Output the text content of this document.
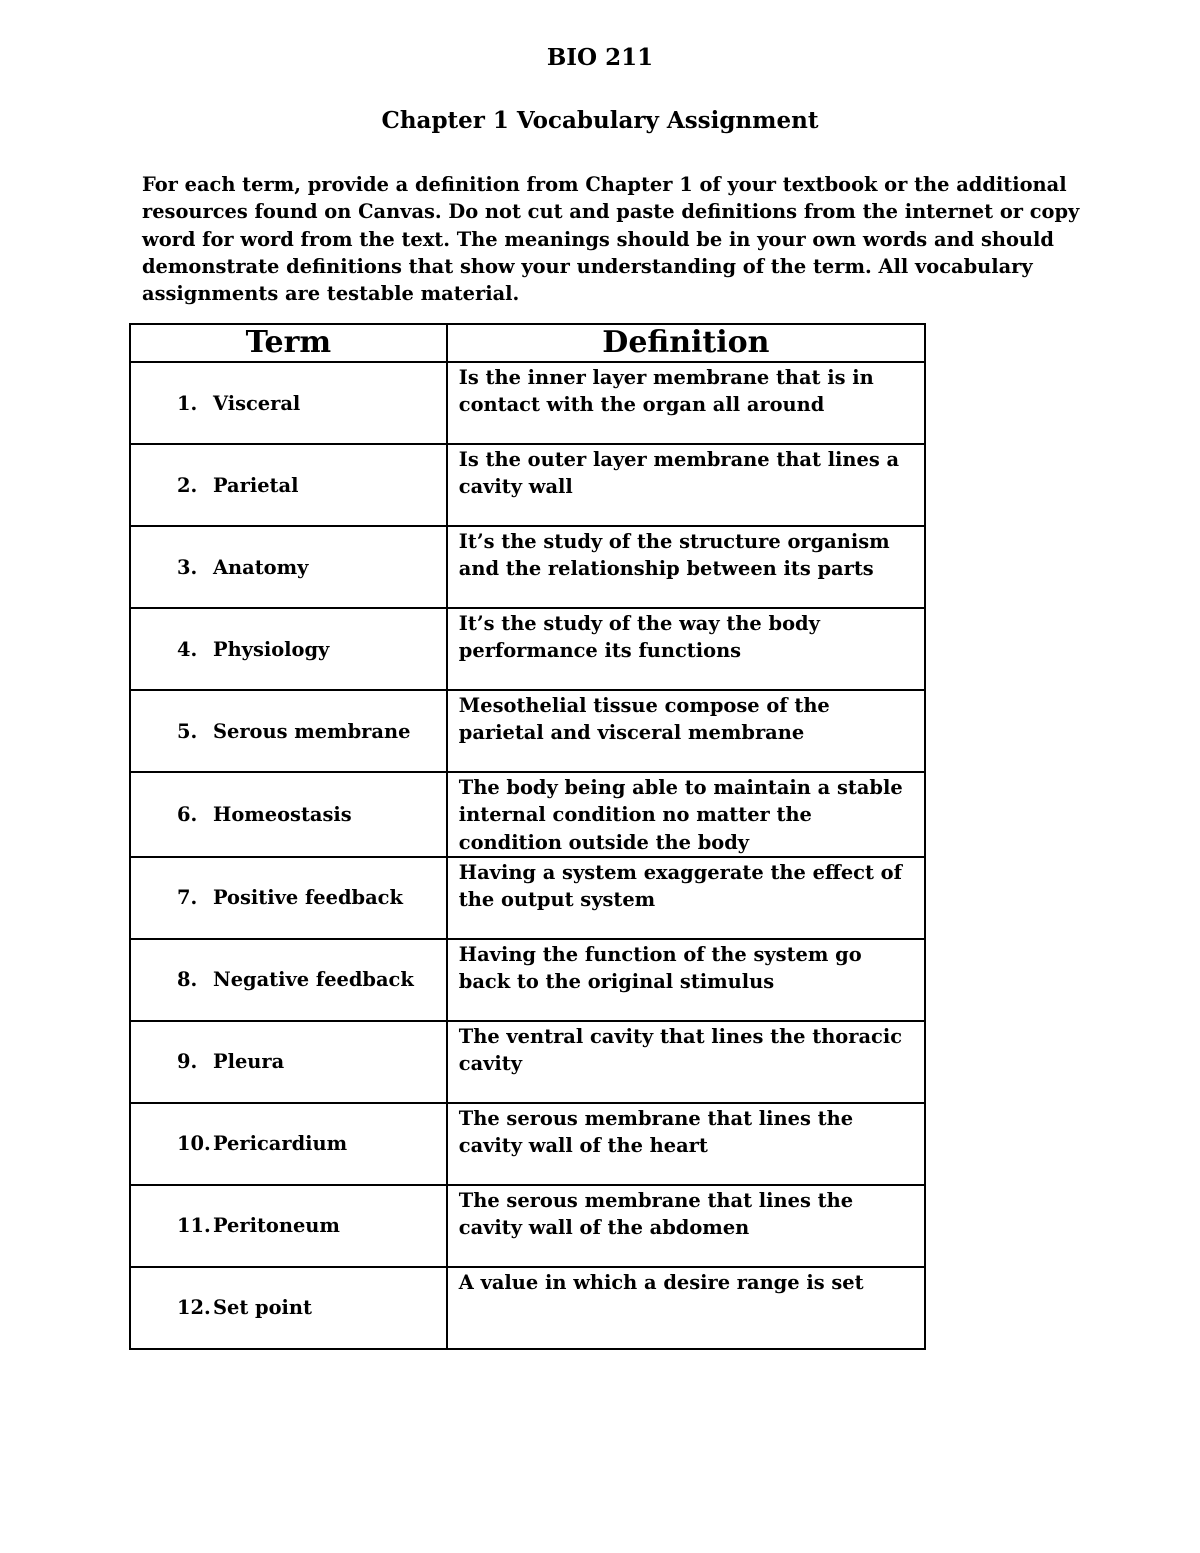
BIO 211
Chapter 1 Vocabulary Assignment

For each term, provide a definition from Chapter 1 of your textbook or the additional resources found on Canvas. Do not cut and paste definitions from the internet or copy word for word from the text. The meanings should be in your own words and should demonstrate definitions that show your understanding of the term. All vocabulary assignments are testable material.

Term	Definition

1. Visceral	Is the inner layer membrane that is in contact with the organ all around

2. Parietal	Is the outer layer membrane that lines a cavity wall

3. Anatomy	It’s the study of the structure organism and the relationship between its parts

4. Physiology	It’s the study of the way the body performance its functions

5. Serous membrane	Mesothelial tissue compose of the parietal and visceral membrane

6. Homeostasis	The body being able to maintain a stable internal condition no matter the condition outside the body

7. Positive feedback	Having a system exaggerate the effect of the output system

8. Negative feedback	Having the function of the system go back to the original stimulus

9. Pleura	The ventral cavity that lines the thoracic cavity

10. Pericardium	The serous membrane that lines the cavity wall of the heart

11. Peritoneum	The serous membrane that lines the cavity wall of the abdomen

12. Set point	A value in which a desire range is set
